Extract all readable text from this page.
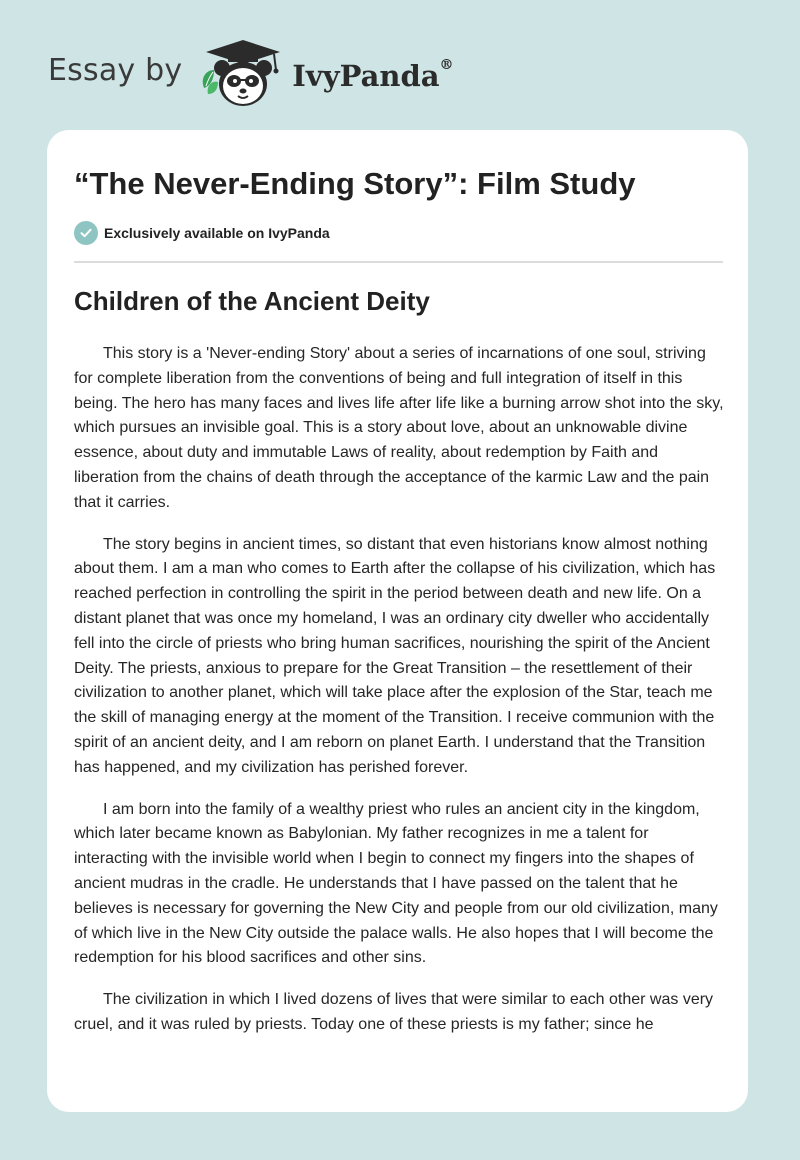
Essay by	IvyPanda®
“The Never-Ending Story”: Film Study
Exclusively available on IvyPanda
Children of the Ancient Deity

This story is a 'Never-ending Story' about a series of incarnations of one soul, striving for complete liberation from the conventions of being and full integration of itself in this being. The hero has many faces and lives life after life like a burning arrow shot into the sky, which pursues an invisible goal. This is a story about love, about an unknowable divine essence, about duty and immutable Laws of reality, about redemption by Faith and liberation from the chains of death through the acceptance of the karmic Law and the pain that it carries.

The story begins in ancient times, so distant that even historians know almost nothing about them. I am a man who comes to Earth after the collapse of his civilization, which has reached perfection in controlling the spirit in the period between death and new life. On a distant planet that was once my homeland, I was an ordinary city dweller who accidentally fell into the circle of priests who bring human sacrifices, nourishing the spirit of the Ancient Deity. The priests, anxious to prepare for the Great Transition – the resettlement of their civilization to another planet, which will take place after the explosion of the Star, teach me the skill of managing energy at the moment of the Transition. I receive communion with the spirit of an ancient deity, and I am reborn on planet Earth. I understand that the Transition has happened, and my civilization has perished forever.

I am born into the family of a wealthy priest who rules an ancient city in the kingdom, which later became known as Babylonian. My father recognizes in me a talent for interacting with the invisible world when I begin to connect my fingers into the shapes of ancient mudras in the cradle. He understands that I have passed on the talent that he believes is necessary for governing the New City and people from our old civilization, many of which live in the New City outside the palace walls. He also hopes that I will become the redemption for his blood sacrifices and other sins.

The civilization in which I lived dozens of lives that were similar to each other was very cruel, and it was ruled by priests. Today one of these priests is my father; since he
